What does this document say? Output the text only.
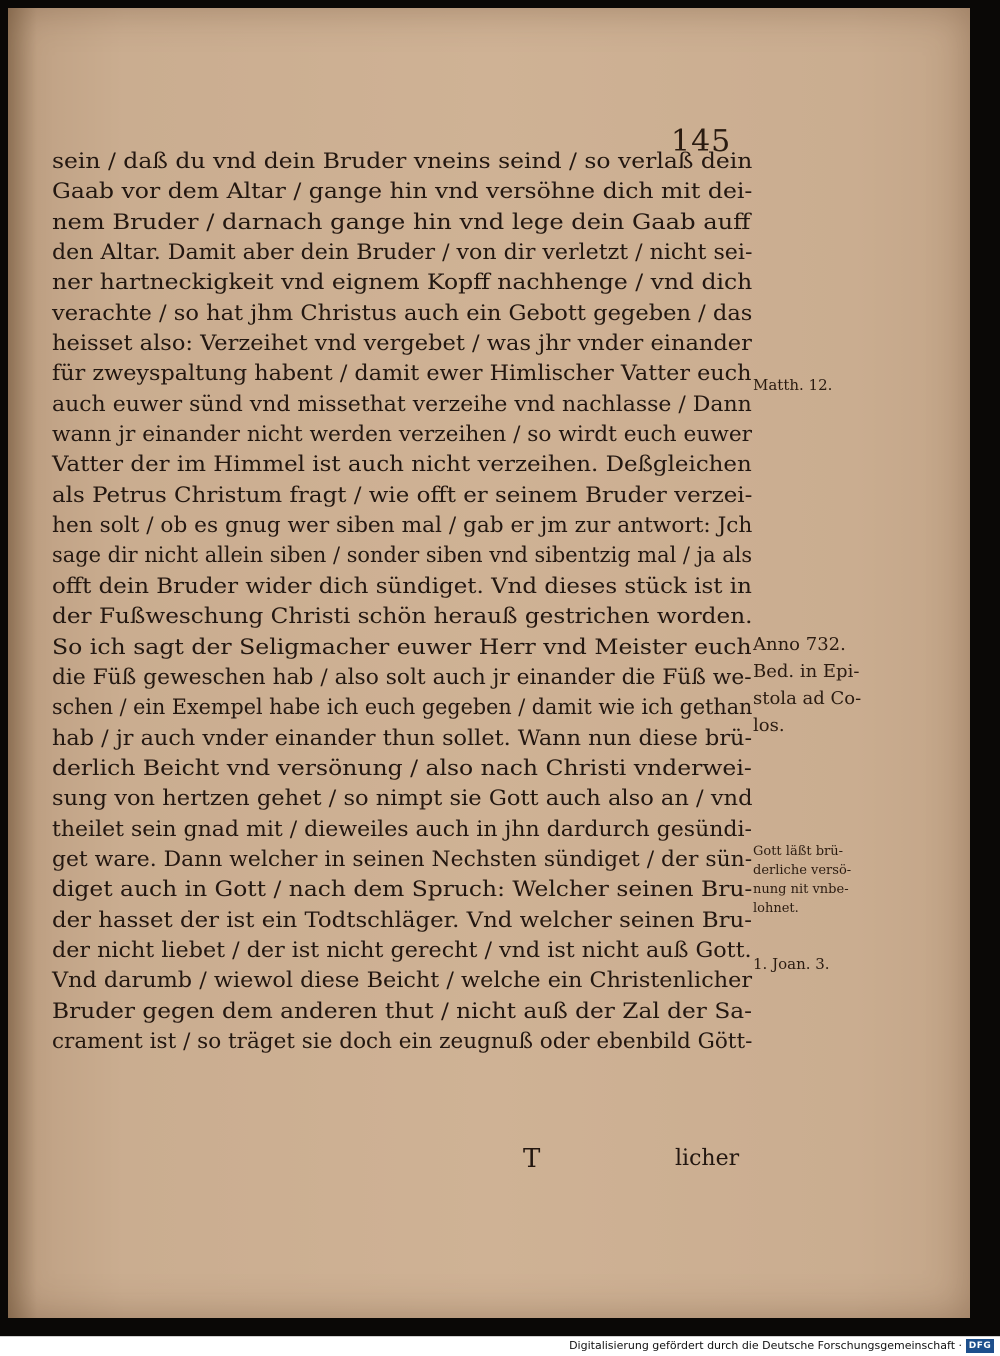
145
sein / daß du vnd dein Bruder vneins seind / so verlaß dein
Gaab vor dem Altar / gange hin vnd versöhne dich mit dei-
nem Bruder / darnach gange hin vnd lege dein Gaab auff
den Altar. Damit aber dein Bruder / von dir verletzt / nicht sei-
ner hartneckigkeit vnd eignem Kopff nachhenge / vnd dich
verachte / so hat jhm Christus auch ein Gebott gegeben / das
heisset also: Verzeihet vnd vergebet / was jhr vnder einander
für zweyspaltung habent / damit ewer Himlischer Vatter euch
auch euwer sünd vnd missethat verzeihe vnd nachlasse / Dann
wann jr einander nicht werden verzeihen / so wirdt euch euwer
Vatter der im Himmel ist auch nicht verzeihen. Deßgleichen
als Petrus Christum fragt / wie offt er seinem Bruder verzei-
hen solt / ob es gnug wer siben mal / gab er jm zur antwort: Jch
sage dir nicht allein siben / sonder siben vnd sibentzig mal / ja als
offt dein Bruder wider dich sündiget. Vnd dieses stück ist in
der Fußweschung Christi schön herauß gestrichen worden.
So ich sagt der Seligmacher euwer Herr vnd Meister euch
die Füß geweschen hab / also solt auch jr einander die Füß we-
schen / ein Exempel habe ich euch gegeben / damit wie ich gethan
hab / jr auch vnder einander thun sollet. Wann nun diese brü-
derlich Beicht vnd versönung / also nach Christi vnderwei-
sung von hertzen gehet / so nimpt sie Gott auch also an / vnd
theilet sein gnad mit / dieweiles auch in jhn dardurch gesündi-
get ware. Dann welcher in seinen Nechsten sündiget / der sün-
diget auch in Gott / nach dem Spruch: Welcher seinen Bru-
der hasset der ist ein Todtschläger. Vnd welcher seinen Bru-
der nicht liebet / der ist nicht gerecht / vnd ist nicht auß Gott.
Vnd darumb / wiewol diese Beicht / welche ein Christenlicher
Bruder gegen dem anderen thut / nicht auß der Zal der Sa-
crament ist / so träget sie doch ein zeugnuß oder ebenbild Gött-
Matth. 12.
Anno 732.
Bed. in Epi-
stola ad Co-
los.
Gott läßt brü-
derliche versö-
nung nit vnbe-
lohnet.
1. Joan. 3.
T	licher
Digitalisierung gefördert durch die Deutsche Forschungsgemeinschaft · DFG
